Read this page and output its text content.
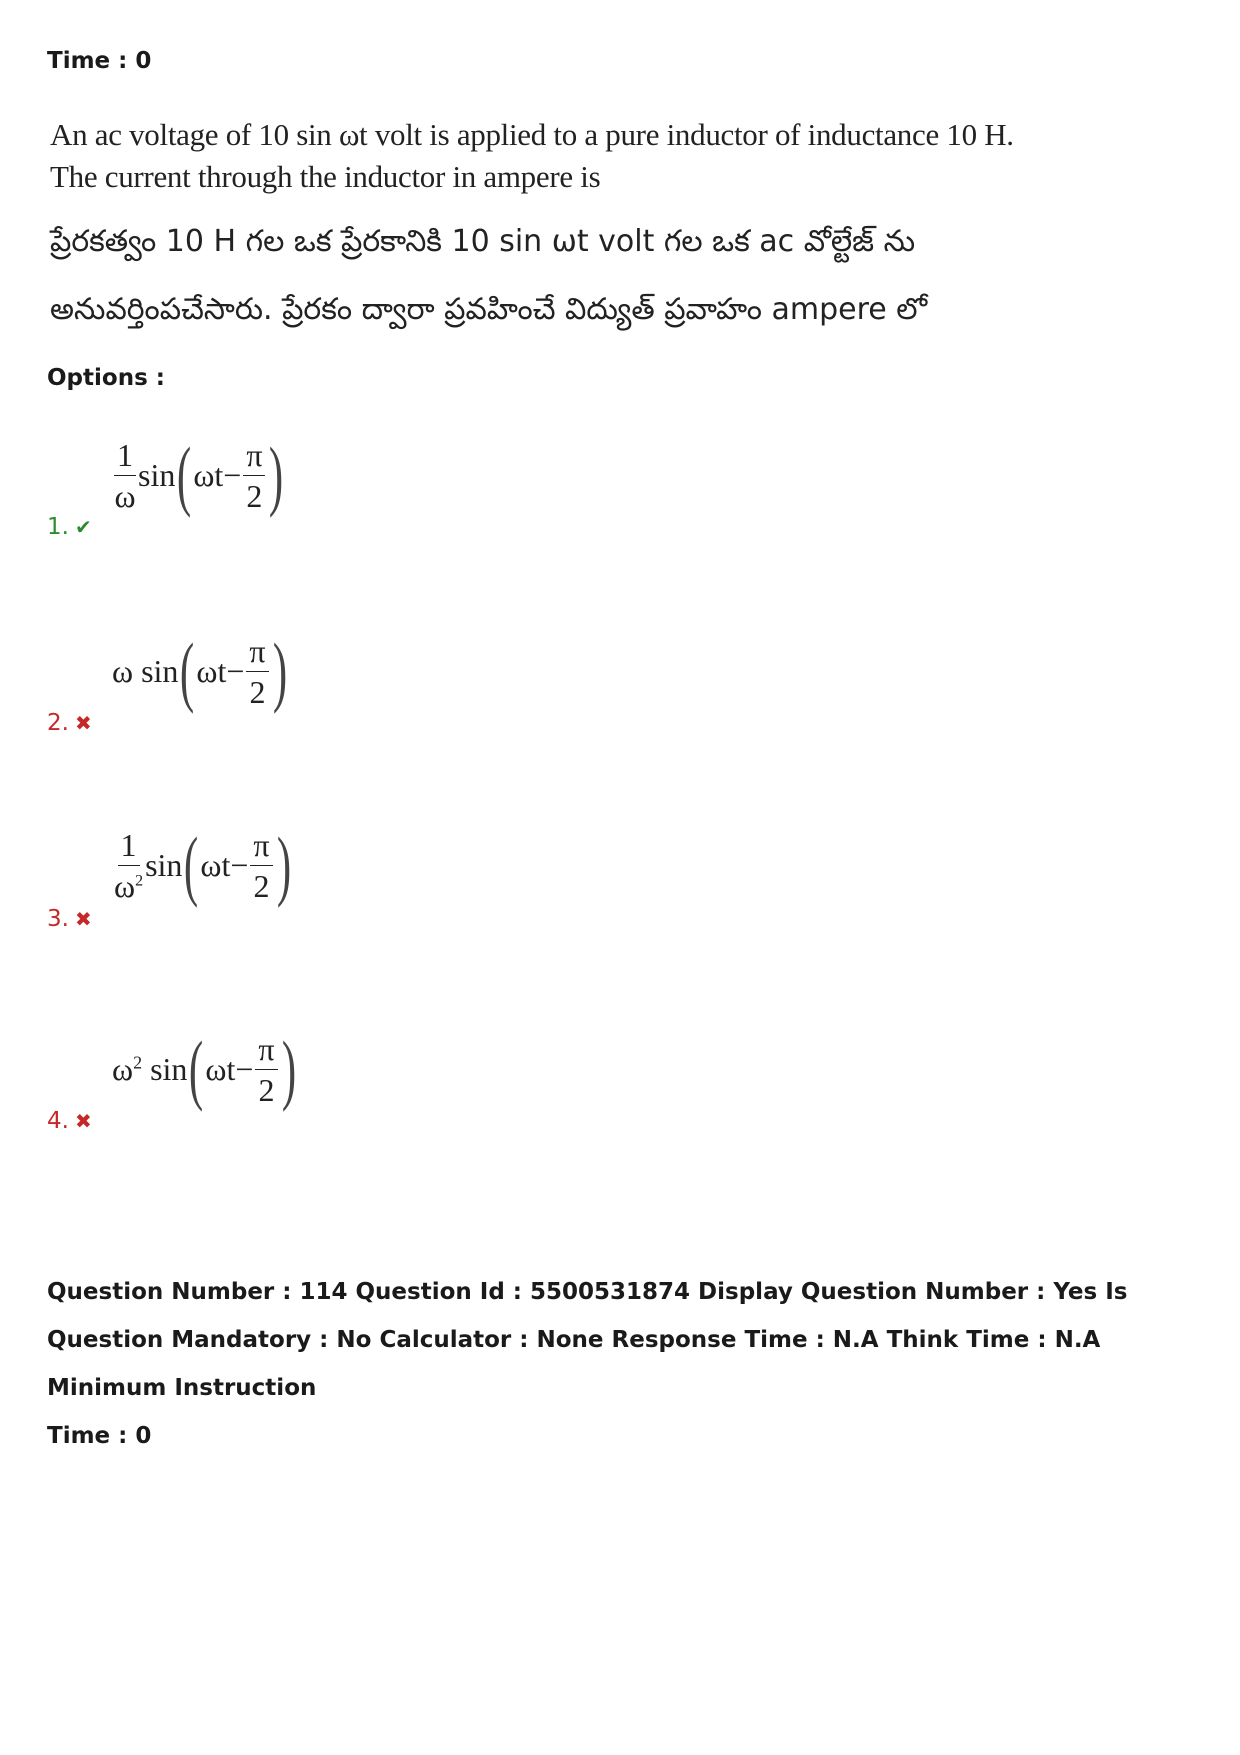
Time : 0

An ac voltage of 10 sin ωt volt is applied to a pure inductor of inductance 10 H.
The current through the inductor in ampere is

ప్రేరకత్వం 10 H గల ఒక ప్రేరకానికి 10 sin ωt volt గల ఒక ac వోల్టేజ్ ను

అనువర్తింపచేసారు. ప్రేరకం ద్వారా ప్రవహించే విద్యుత్ ప్రవాహం ampere లో

Options :

1. ✔
$\frac{1}{\omega}$ sin ( $\omega t- \frac{\pi}{2}$ )
2. ✖
ω sin ( $\omega t- \frac{\pi}{2}$ )
3. ✖
$\frac{1}{\omega^2}$ sin ( $\omega t- \frac{\pi}{2}$ )
4. ✖
$\omega^2$ sin ( $\omega t- \frac{\pi}{2}$ )
Question Number : 114 Question Id : 5500531874 Display Question Number : Yes Is Question Mandatory : No Calculator : None Response Time : N.A Think Time : N.A Minimum Instruction
Time : 0
